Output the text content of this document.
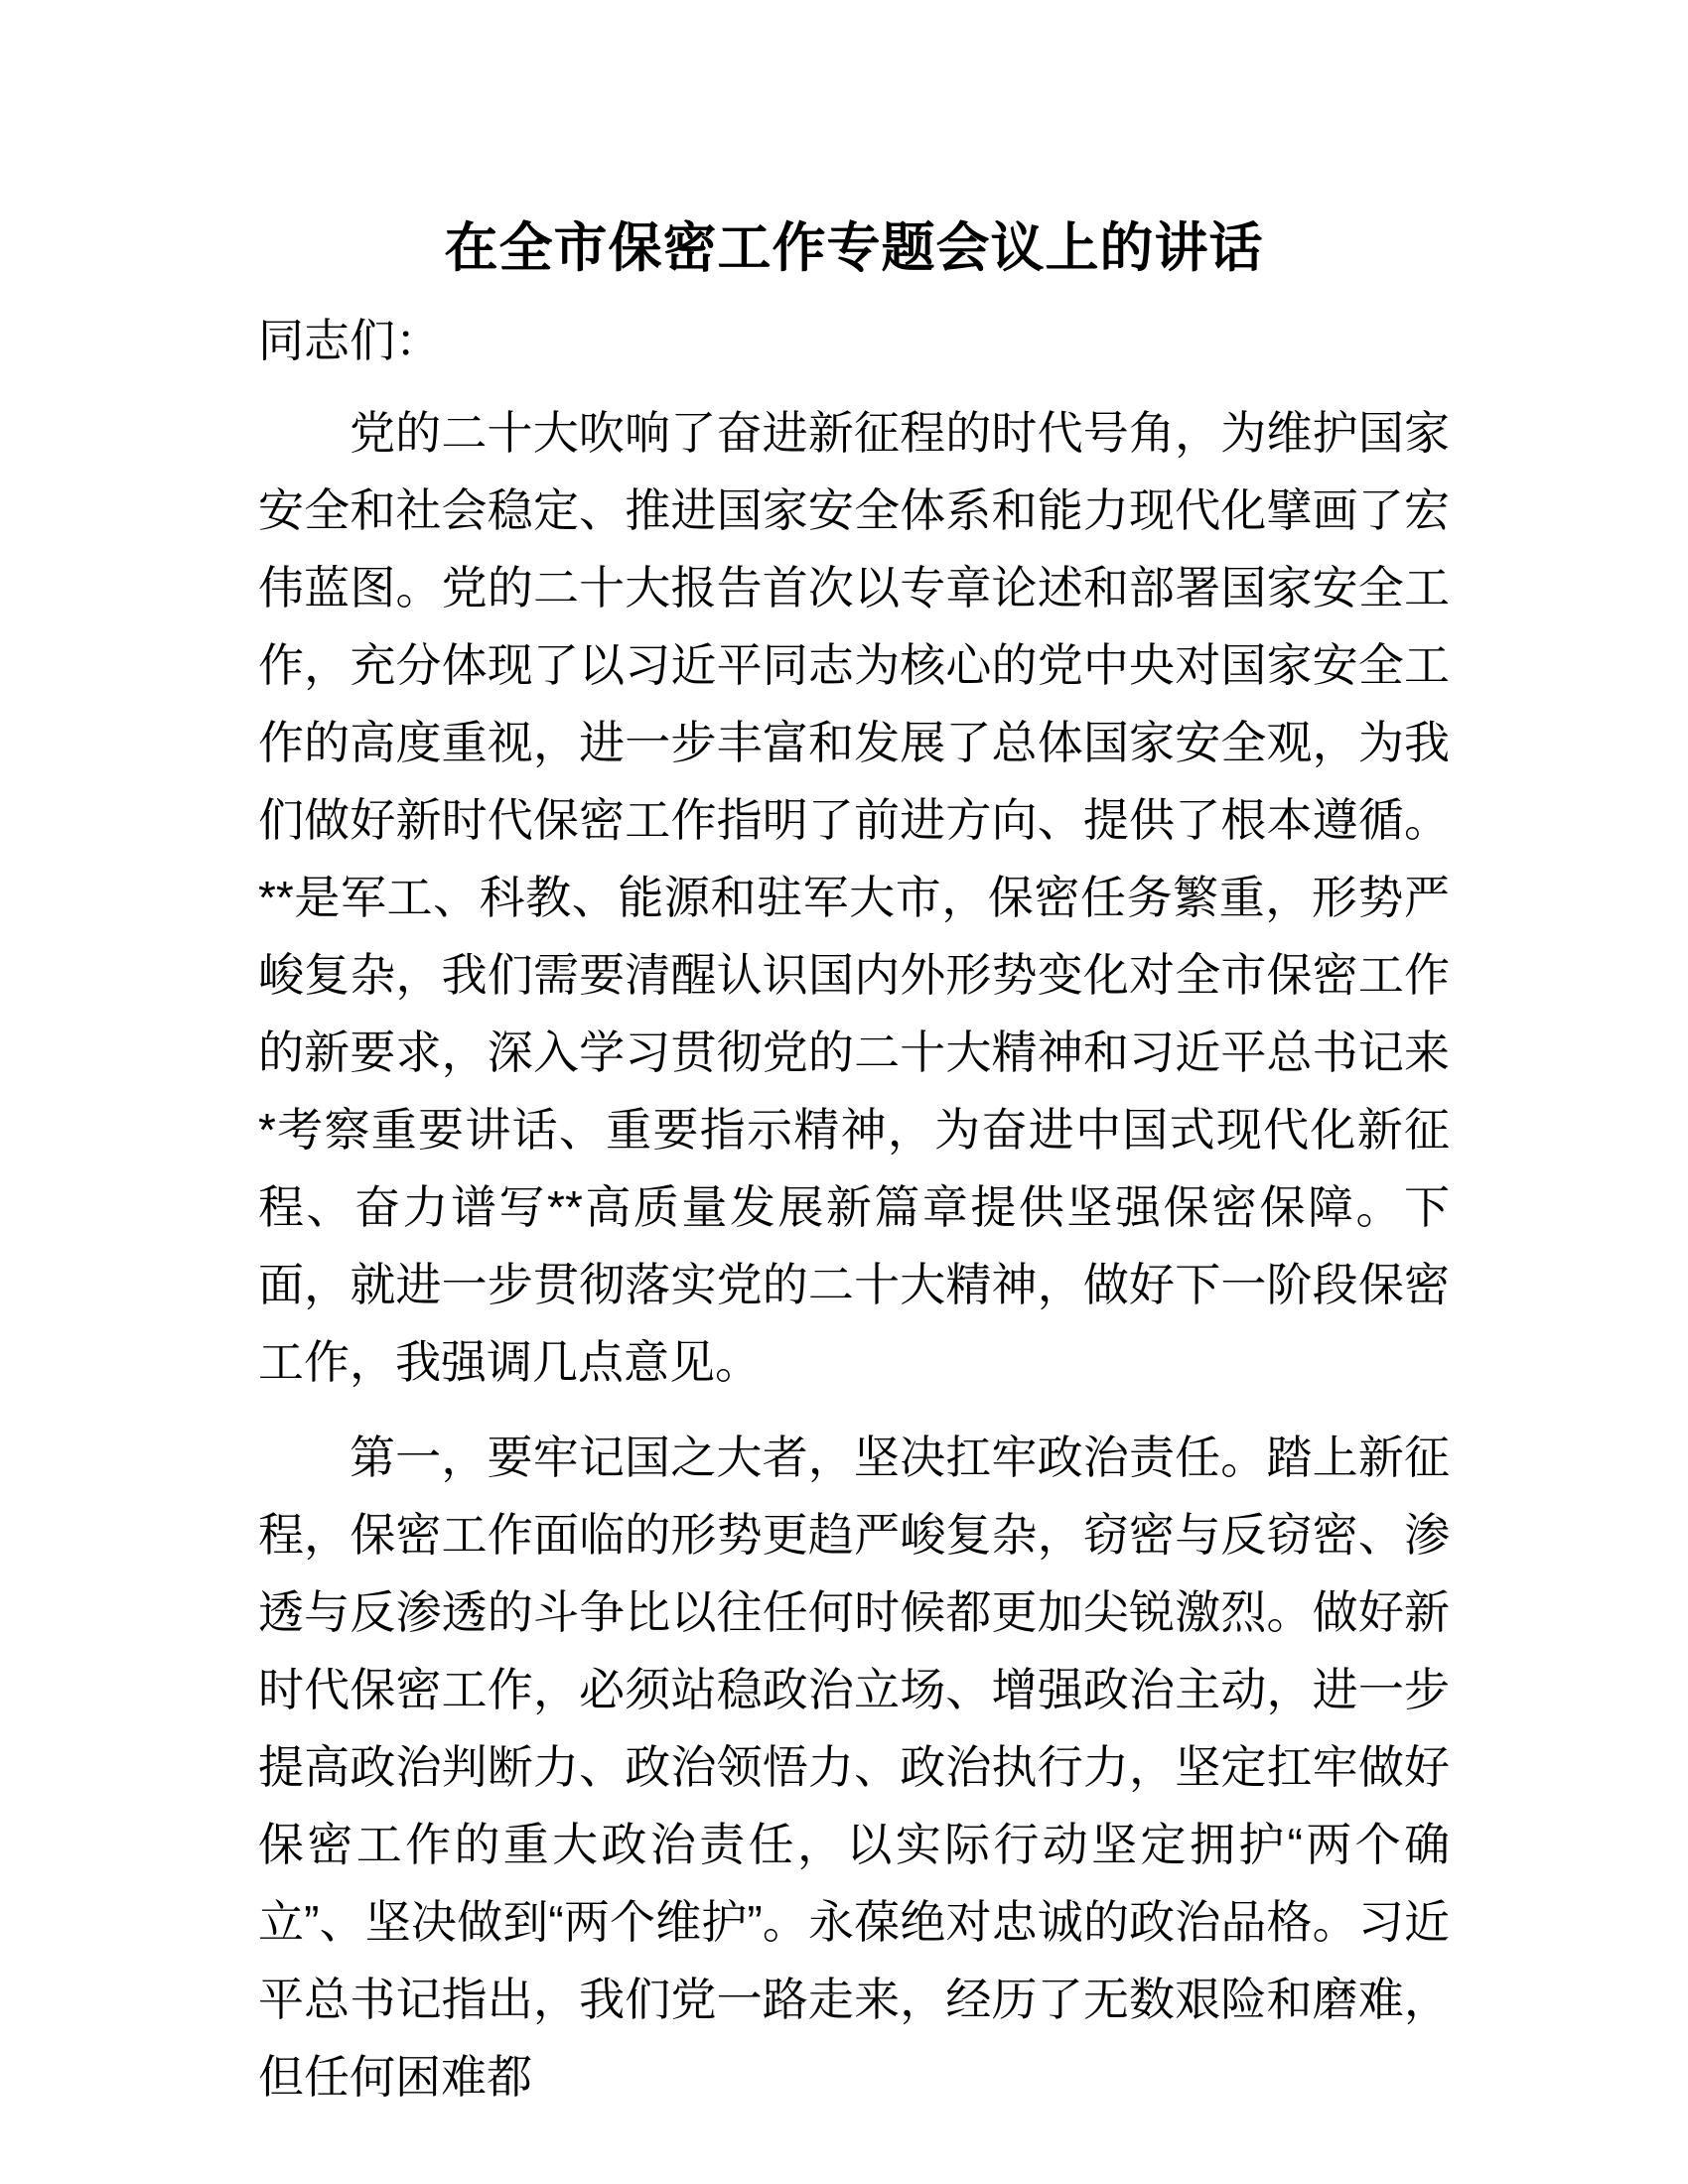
在全市保密工作专题会议上的讲话

同志们：

党的二十大吹响了奋进新征程的时代号角，为维护国家安全和社会稳定、推进国家安全体系和能力现代化擘画了宏伟蓝图。党的二十大报告首次以专章论述和部署国家安全工作，充分体现了以习近平同志为核心的党中央对国家安全工作的高度重视，进一步丰富和发展了总体国家安全观，为我们做好新时代保密工作指明了前进方向、提供了根本遵循。**是军工、科教、能源和驻军大市，保密任务繁重，形势严峻复杂，我们需要清醒认识国内外形势变化对全市保密工作的新要求，深入学习贯彻党的二十大精神和习近平总书记来*考察重要讲话、重要指示精神，为奋进中国式现代化新征程、奋力谱写**高质量发展新篇章提供坚强保密保障。下面，就进一步贯彻落实党的二十大精神，做好下一阶段保密工作，我强调几点意见。

第一，要牢记国之大者，坚决扛牢政治责任。踏上新征程，保密工作面临的形势更趋严峻复杂，窃密与反窃密、渗透与反渗透的斗争比以往任何时候都更加尖锐激烈。做好新时代保密工作，必须站稳政治立场、增强政治主动，进一步提高政治判断力、政治领悟力、政治执行力，坚定扛牢做好保密工作的重大政治责任，以实际行动坚定拥护“两个确立”、坚决做到“两个维护”。永葆绝对忠诚的政治品格。习近平总书记指出，我们党一路走来，经历了无数艰险和磨难，但任何困难都
